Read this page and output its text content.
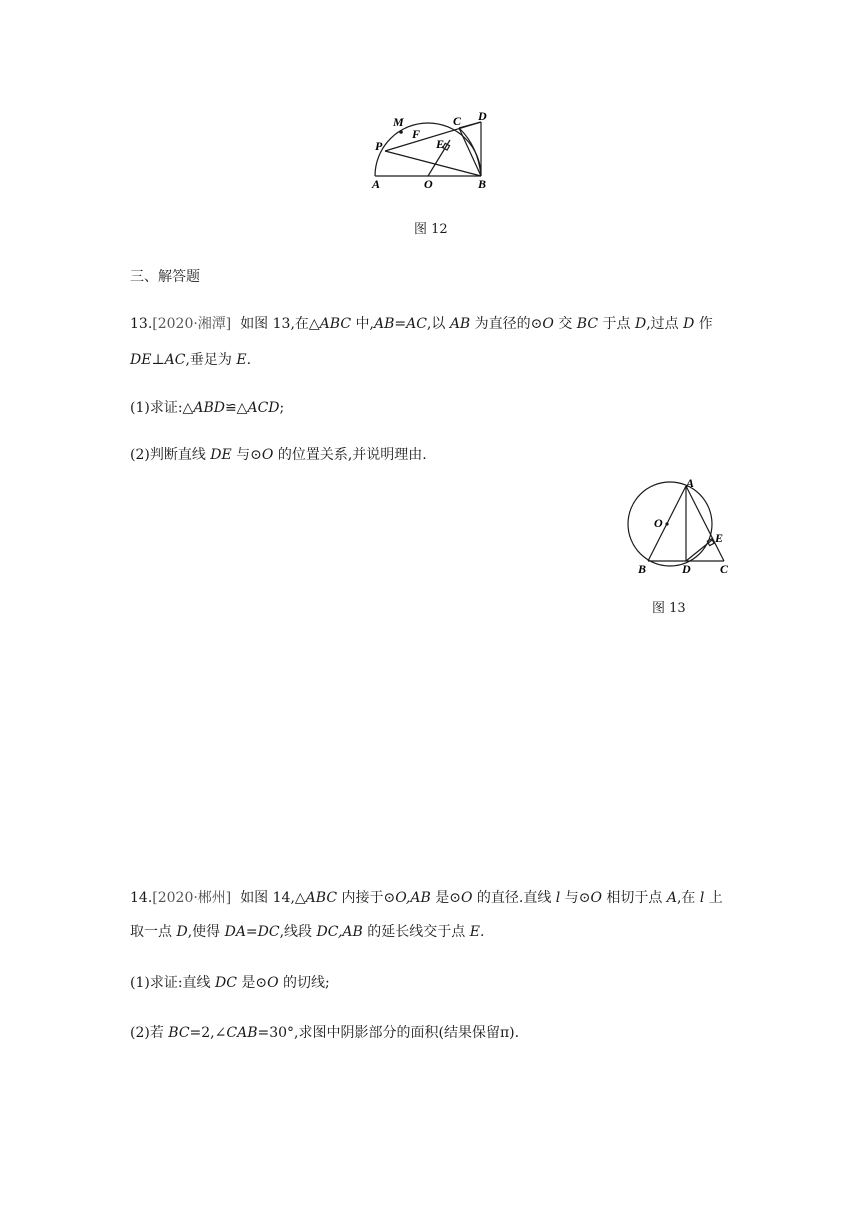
M
F
C D
P	E
A	O	B
图 12
三、解答题
13.[2020·湘潭] 如图 13,在△ABC 中,AB=AC,以 AB 为直径的⊙O 交 BC 于点 D,过点 D 作
DE⊥AC,垂足为 E.
(1)求证:△ABD≌△ACD;
(2)判断直线 DE 与⊙O 的位置关系,并说明理由.
A
O
E
B	D C
图 13
14.[2020·郴州] 如图 14,△ABC 内接于⊙O,AB 是⊙O 的直径.直线 l 与⊙O 相切于点 A,在 l 上
取一点 D,使得 DA=DC,线段 DC,AB 的延长线交于点 E.
(1)求证:直线 DC 是⊙O 的切线;
(2)若 BC=2,∠CAB=30°,求图中阴影部分的面积(结果保留π).
